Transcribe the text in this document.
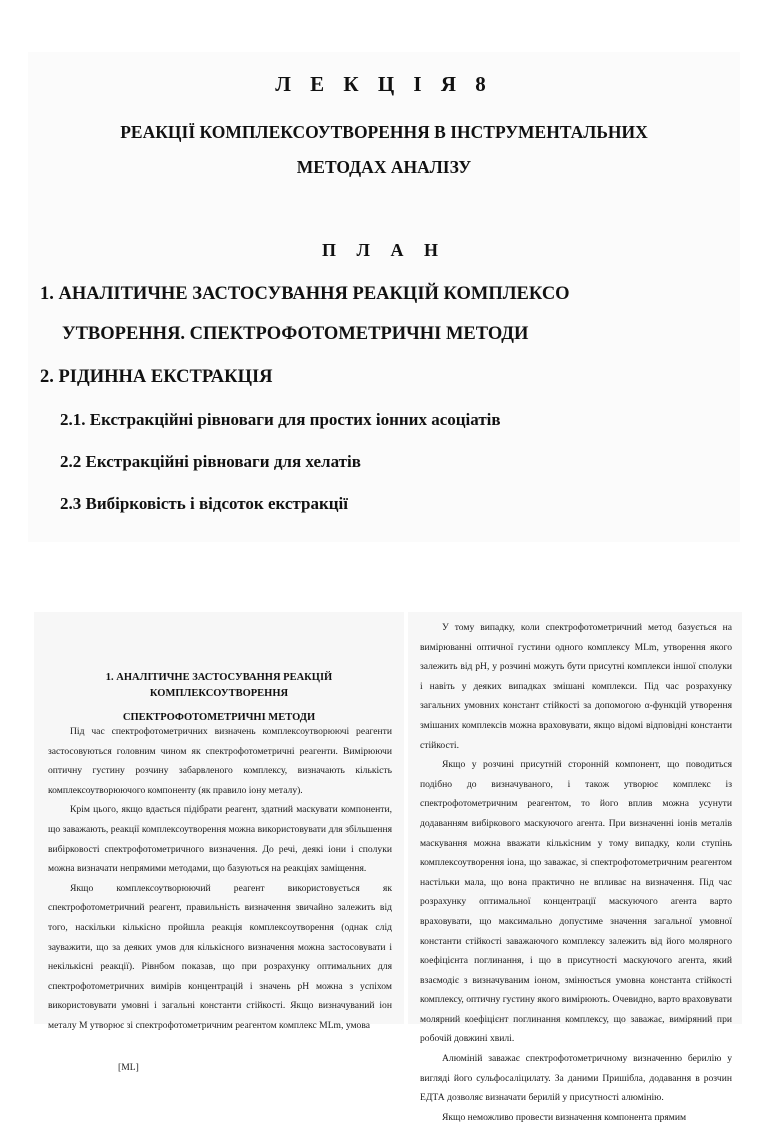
Л Е К Ц І Я 8
РЕАКЦІЇ КОМПЛЕКСОУТВОРЕННЯ В ІНСТРУМЕНТАЛЬНИХ
МЕТОДАХ АНАЛІЗУ
П Л А Н
1. АНАЛІТИЧНЕ ЗАСТОСУВАННЯ РЕАКЦІЙ КОМПЛЕКСО
УТВОРЕННЯ. СПЕКТРОФОТОМЕТРИЧНІ МЕТОДИ
2. РІДИННА ЕКСТРАКЦІЯ
2.1. Екстракційні рівноваги для простих іонних асоціатів
2.2 Екстракційні рівноваги для хелатів
2.3 Вибірковість і відсоток екстракції
1. АНАЛІТИЧНЕ ЗАСТОСУВАННЯ РЕАКЦІЙ
КОМПЛЕКСОУТВОРЕННЯ
СПЕКТРОФОТОМЕТРИЧНІ МЕТОДИ

Під час спектрофотометричних визначень комплексоутворюючі реагенти застосовуються головним чином як спектрофотометричні реагенти. Вимірюючи оптичну густину розчину забарвленого комплексу, визначають кількість комплексоутворюючого компоненту (як правило іону металу).

Крім цього, якщо вдається підібрати реагент, здатний маскувати компоненти, що заважають, реакції комплексоутворення можна використовувати для збільшення вибірковості спектрофотометричного визначення. До речі, деякі іони і сполуки можна визначати непрямими методами, що базуються на реакціях заміщення.

Якщо комплексоутворюючий реагент використовується як спектрофотометричний реагент, правильність визначення звичайно залежить від того, наскільки кількісно пройшла реакція комплексоутворення (однак слід зауважити, що за деяких умов для кількісного визначення можна застосовувати і некількісні реакції). Рівнбом показав, що при розрахунку оптимальних для спектрофотометричних вимірів концентрацій і значень pH можна з успіхом використовувати умовні і загальні константи стійкості. Якщо визначуваний іон металу М утворює зі спектрофотометричним реагентом комплекс MLm, умова

[ML]

У тому випадку, коли спектрофотометричний метод базується на вимірюванні оптичної густини одного комплексу MLm, утворення якого залежить від pH, у розчині можуть бути присутні комплекси іншої сполуки і навіть у деяких випадках змішані комплекси. Під час розрахунку загальних умовних констант стійкості за допомогою α-функцій утворення змішаних комплексів можна враховувати, якщо відомі відповідні константи стійкості.

Якщо у розчині присутній сторонній компонент, що поводиться подібно до визначуваного, і також утворює комплекс із спектрофотометричним реагентом, то його вплив можна усунути додаванням вибіркового маскуючого агента. При визначенні іонів металів маскування можна вважати кількісним у тому випадку, коли ступінь комплексоутворення іона, що заважає, зі спектрофотометричним реагентом настільки мала, що вона практично не впливає на визначення. Під час розрахунку оптимальної концентрації маскуючого агента варто враховувати, що максимально допустиме значення загальної умовної константи стійкості заважаючого комплексу залежить від його молярного коефіцієнта поглинання, і що в присутності маскуючого агента, який взаємодіє з визначуваним іоном, змінюється умовна константа стійкості комплексу, оптичну густину якого вимірюють. Очевидно, варто враховувати молярний коефіцієнт поглинання комплексу, що заважає, виміряний при робочій довжині хвилі.

Алюміній заважає спектрофотометричному визначенню берилію у вигляді його сульфосаліцилату. За даними Пришібла, додавання в розчин ЕДТА дозволяє визначати берилій у присутності алюмінію.

Якщо неможливо провести визначення компонента прямим
